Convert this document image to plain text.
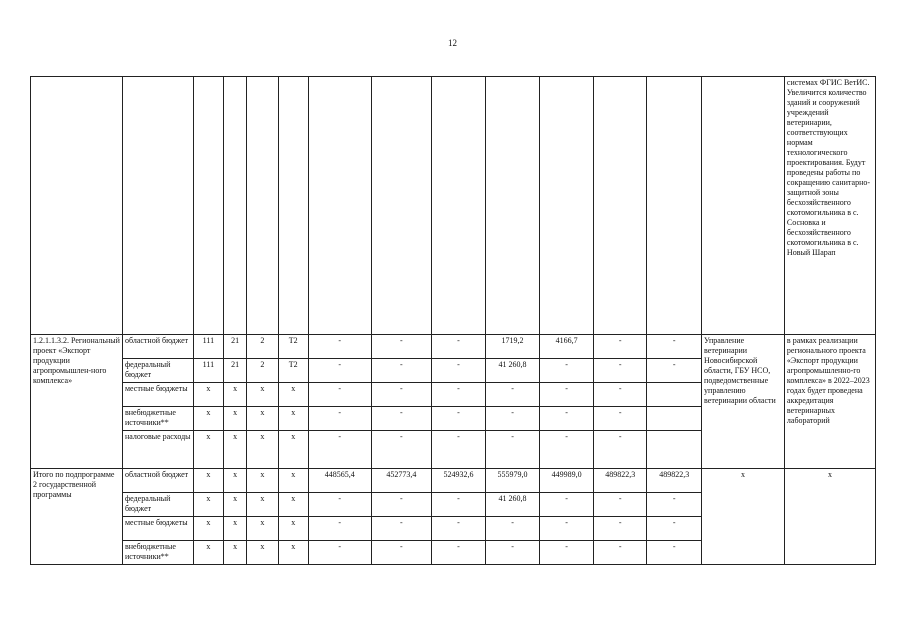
12
														системах ФГИС ВетИС. Увеличится количество зданий и сооружений учреждений ветеринарии, соответствующих нормам технологического проектирования. Будут проведены работы по сокращению санитарно-защитной зоны бесхозяйственного скотомогильника в с. Сосновка и бесхозяйственного скотомогильника в с. Новый Шарап
1.2.1.1.3.2. Региональный проект «Экспорт продукции агропромышлен-ного комплекса»	областной бюджет	111	21	2	Т2	-	-	-	1719,2	4166,7	-	-	Управление ветеринарии Новосибирской области, ГБУ НСО, подведомственные управлению ветеринарии области	в рамках реализации регионального проекта «Экспорт продукции агропромышленно-го комплекса» в 2022–2023 годах будет проведена аккредитация ветеринарных лабораторий
	федеральный бюджет	111	21	2	Т2	-	-	-	41 260,8	-	-	-		
	местные бюджеты	х	х	х	х	-	-	-	-	-	-			
	внебюджетные источники**	х	х	х	х	-	-	-	-	-	-			
	налоговые расходы	х	х	х	х	-	-	-	-	-	-			
Итого по подпрограмме 2 государственной программы	областной бюджет	х	х	х	х	448565,4	452773,4	524932,6	555979,0	449989,0	489822,3	489822,3	х	х
	федеральный бюджет	х	х	х	х	-	-	-	41 260,8	-	-	-		
	местные бюджеты	х	х	х	х	-	-	-	-	-	-	-		
	внебюджетные источники**	х	х	х	х	-	-	-	-	-	-	-		
